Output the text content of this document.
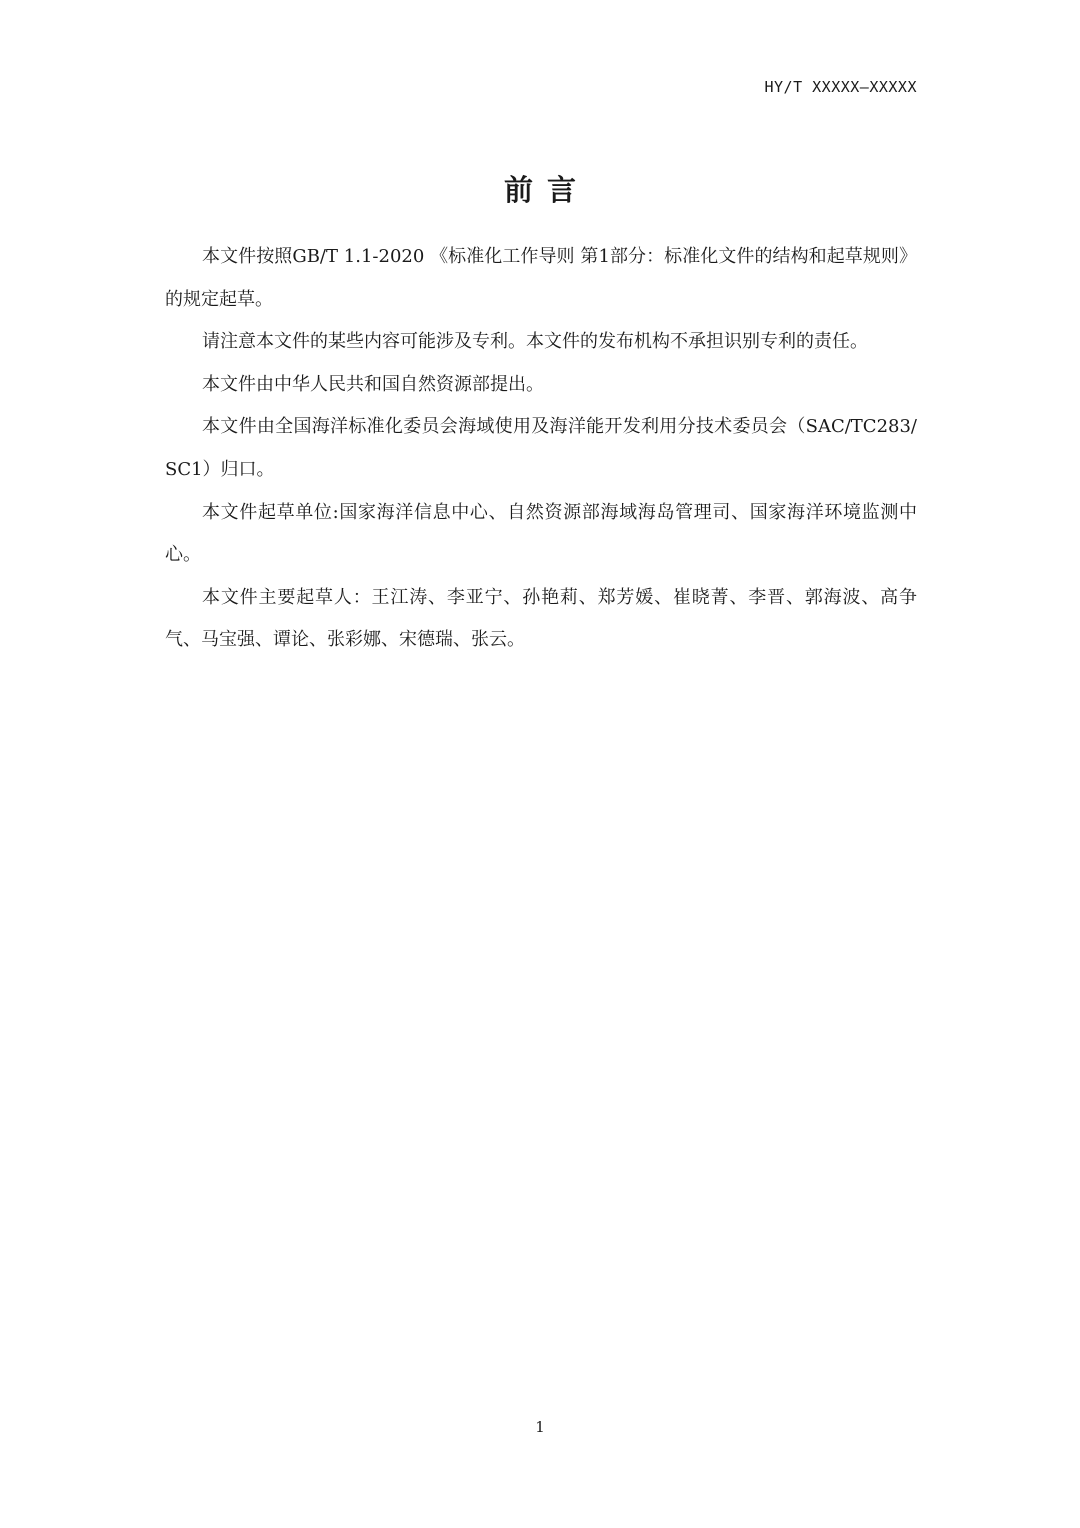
HY/T XXXXX—XXXXX
前言

本文件按照GB/T 1.1-2020 《标准化工作导则 第1部分：标准化文件的结构和起草规则》的规定起草。

请注意本文件的某些内容可能涉及专利。本文件的发布机构不承担识别专利的责任。

本文件由中华人民共和国自然资源部提出。

本文件由全国海洋标准化委员会海域使用及海洋能开发利用分技术委员会（SAC/TC283/SC1）归口。

本文件起草单位:国家海洋信息中心、自然资源部海域海岛管理司、国家海洋环境监测中心。

本文件主要起草人：王江涛、李亚宁、孙艳莉、郑芳媛、崔晓菁、李晋、郭海波、高争气、马宝强、谭论、张彩娜、宋德瑞、张云。

1
